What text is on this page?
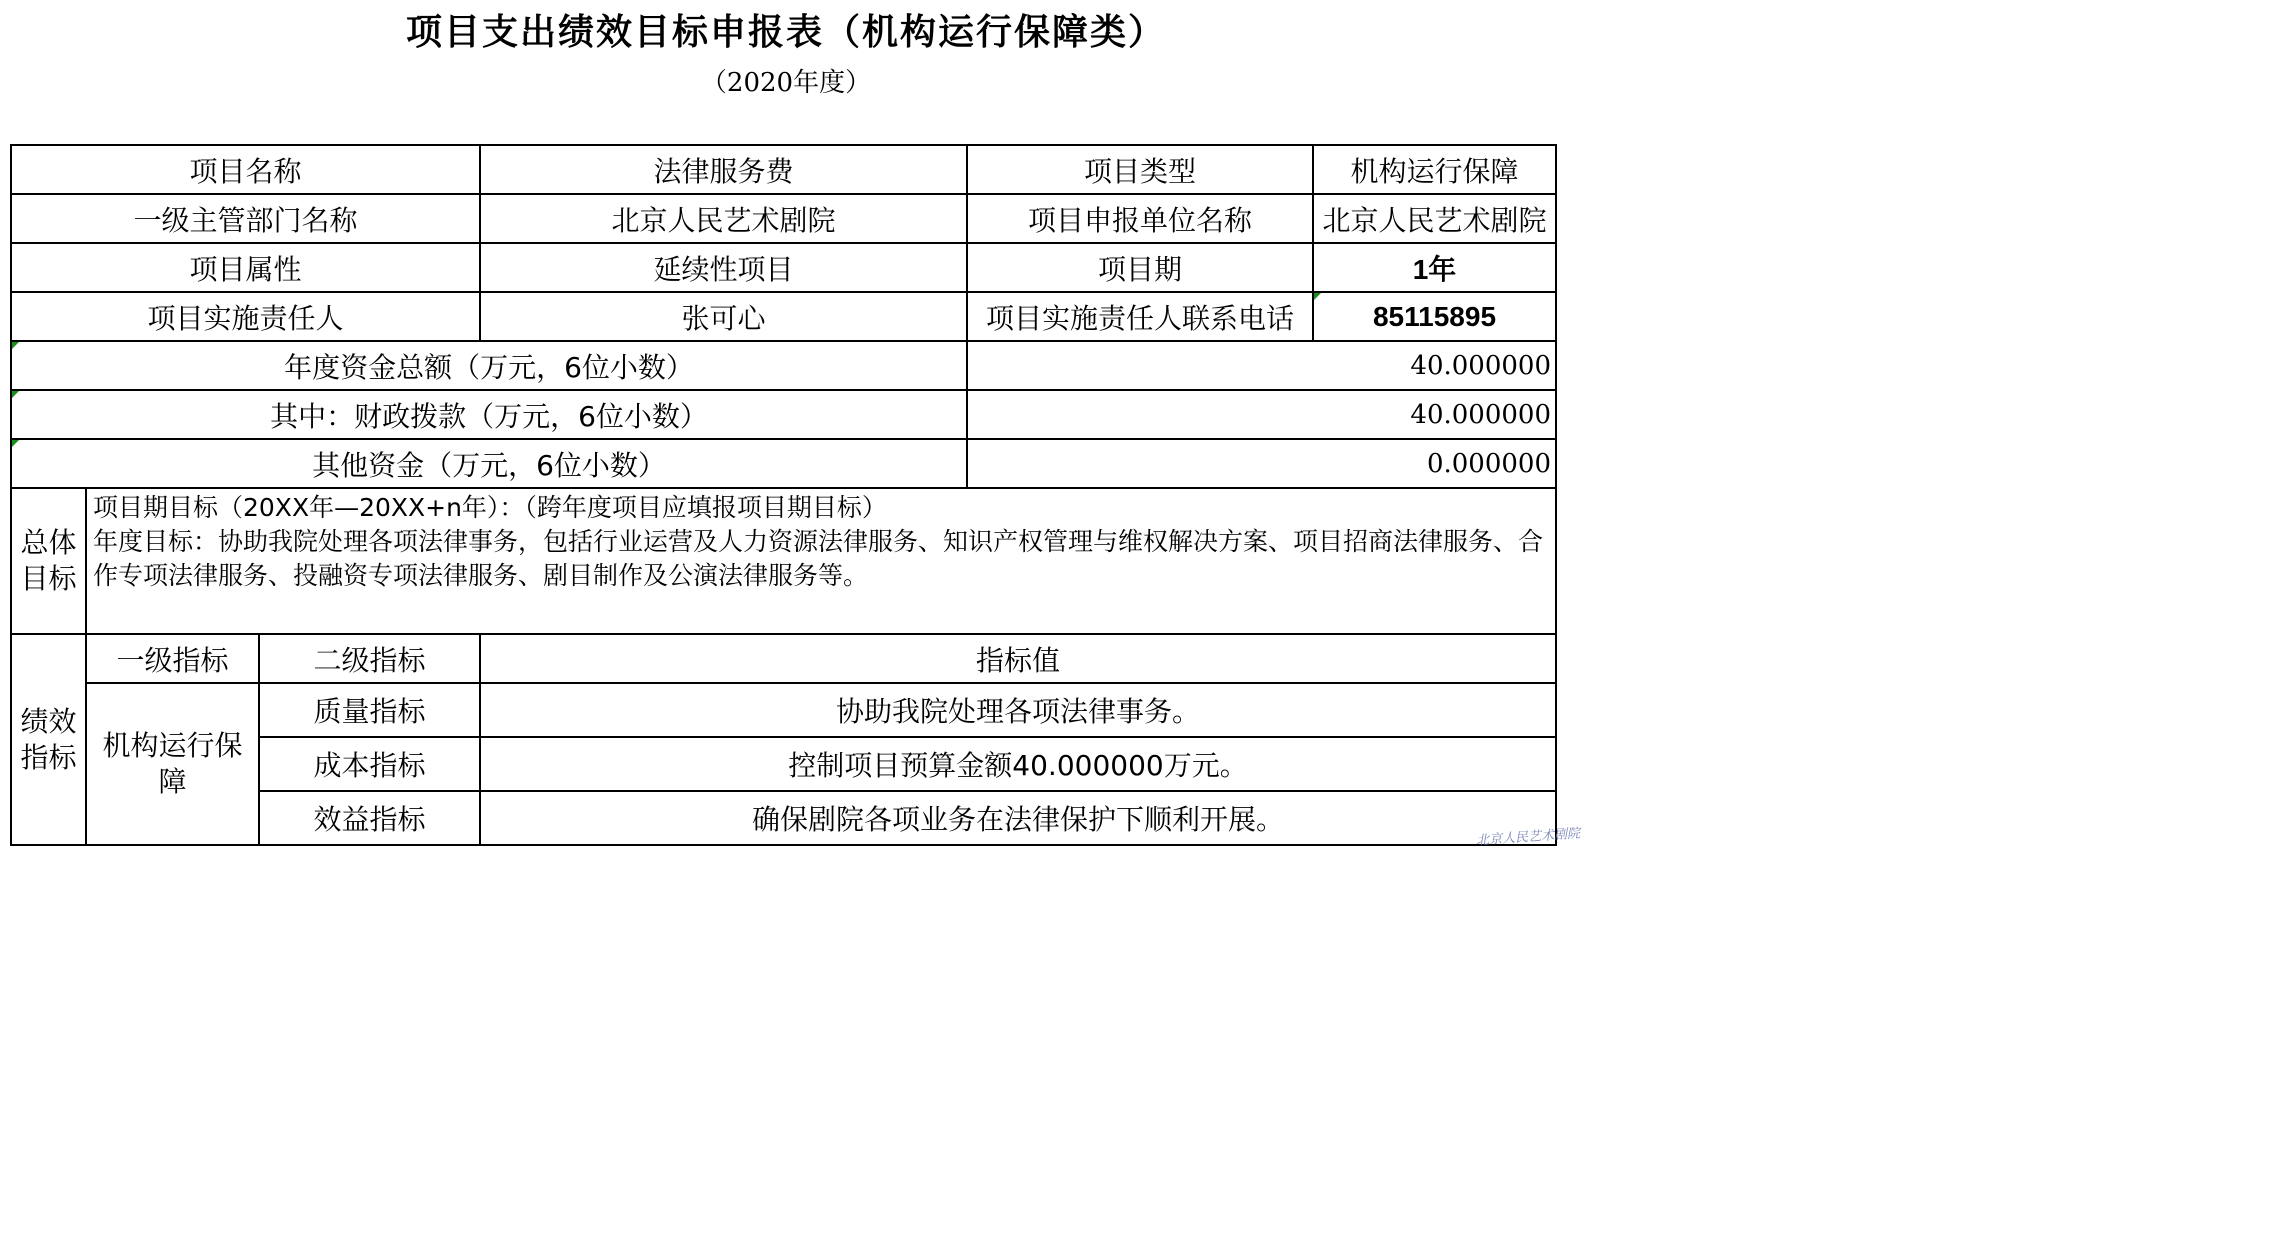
项目支出绩效目标申报表（机构运行保障类）
（2020年度）
项目名称			法律服务费	项目类型	机构运行保障
一级主管部门名称			北京人民艺术剧院	项目申报单位名称	北京人民艺术剧院
项目属性			延续性项目	项目期	1年
项目实施责任人			张可心	项目实施责任人联系电话	85115895

年度资金总额（万元，6位小数）				40.000000	

其中：财政拨款（万元，6位小数）				40.000000	

其他资金（万元，6位小数）				0.000000	
总体目标	项目期目标（20XX年—20XX+n年）：（跨年度项目应填报项目期目标）
年度目标：协助我院处理各项法律事务，包括行业运营及人力资源法律服务、知识产权管理与维权解决方案、项目招商法律服务、合作专项法律服务、投融资专项法律服务、剧目制作及公演法律服务等。				

绩效指标	一级指标	二级指标	指标值		
	机构运行保障	质量指标	协助我院处理各项法律事务。		
		成本指标	控制项目预算金额40.000000万元。		
		效益指标	确保剧院各项业务在法律保护下顺利开展。		
北京人民艺术剧院
